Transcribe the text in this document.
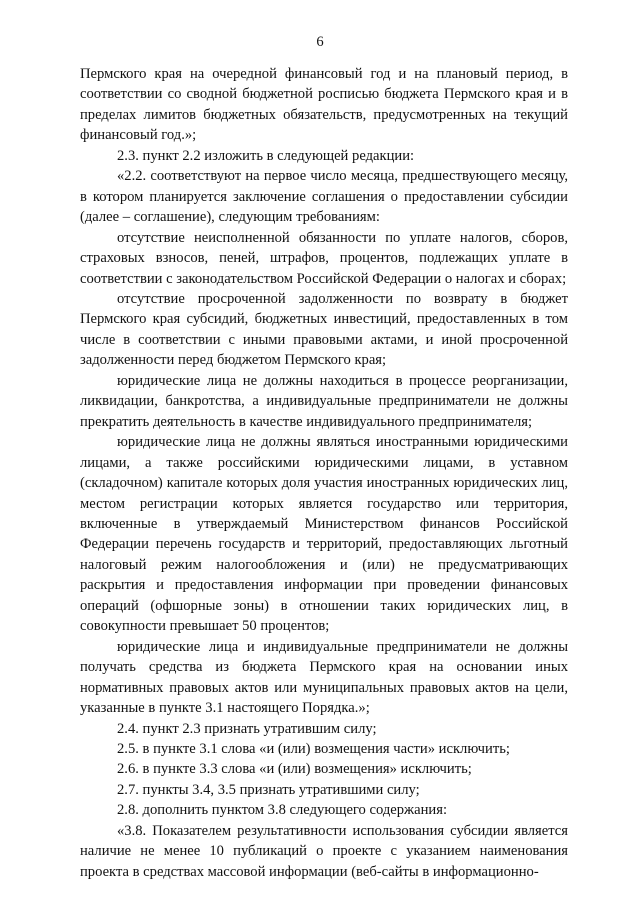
6

Пермского края на очередной финансовый год и на плановый период, в соответствии со сводной бюджетной росписью бюджета Пермского края и в пределах лимитов бюджетных обязательств, предусмотренных на текущий финансовый год.»;

2.3. пункт 2.2 изложить в следующей редакции:

«2.2. соответствуют на первое число месяца, предшествующего месяцу, в котором планируется заключение соглашения о предоставлении субсидии (далее – соглашение), следующим требованиям:

отсутствие неисполненной обязанности по уплате налогов, сборов, страховых взносов, пеней, штрафов, процентов, подлежащих уплате в соответствии с законодательством Российской Федерации о налогах и сборах;

отсутствие просроченной задолженности по возврату в бюджет Пермского края субсидий, бюджетных инвестиций, предоставленных в том числе в соответствии с иными правовыми актами, и иной просроченной задолженности перед бюджетом Пермского края;

юридические лица не должны находиться в процессе реорганизации, ликвидации, банкротства, а индивидуальные предприниматели не должны прекратить деятельность в качестве индивидуального предпринимателя;

юридические лица не должны являться иностранными юридическими лицами, а также российскими юридическими лицами, в уставном (складочном) капитале которых доля участия иностранных юридических лиц, местом регистрации которых является государство или территория, включенные в утверждаемый Министерством финансов Российской Федерации перечень государств и территорий, предоставляющих льготный налоговый режим налогообложения и (или) не предусматривающих раскрытия и предоставления информации при проведении финансовых операций (офшорные зоны) в отношении таких юридических лиц, в совокупности превышает 50 процентов;

юридические лица и индивидуальные предприниматели не должны получать средства из бюджета Пермского края на основании иных нормативных правовых актов или муниципальных правовых актов на цели, указанные в пункте 3.1 настоящего Порядка.»;

2.4. пункт 2.3 признать утратившим силу;

2.5. в пункте 3.1 слова «и (или) возмещения части» исключить;

2.6. в пункте 3.3 слова «и (или) возмещения» исключить;

2.7. пункты 3.4, 3.5 признать утратившими силу;

2.8. дополнить пунктом 3.8 следующего содержания:

«3.8. Показателем результативности использования субсидии является наличие не менее 10 публикаций о проекте с указанием наименования проекта в средствах массовой информации (веб-сайты в информационно-
